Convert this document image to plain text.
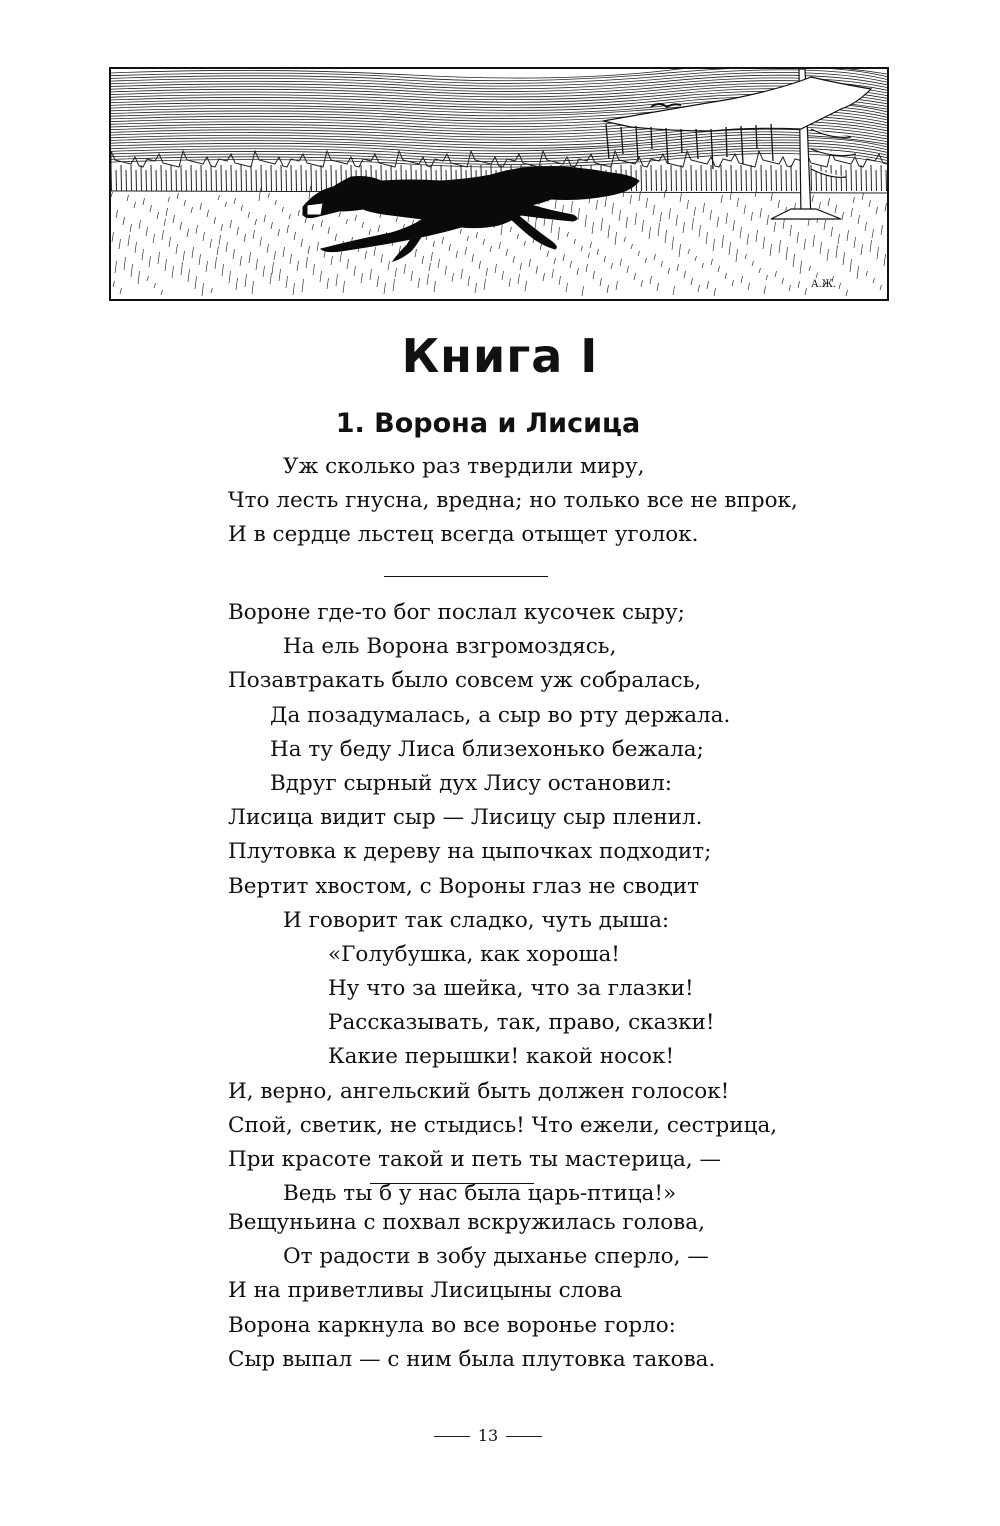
А.Ж.
Книга I
1. Ворона и Лисица
Уж сколько раз твердили миру,
Что лесть гнусна, вредна; но только все не впрок,
И в сердце льстец всегда отыщет уголок.
Вороне где-то бог послал кусочек сыру;
На ель Ворона взгромоздясь,
Позавтракать было совсем уж собралась,
Да позадумалась, а сыр во рту держала.
На ту беду Лиса близехонько бежала;
Вдруг сырный дух Лису остановил:
Лисица видит сыр — Лисицу сыр пленил.
Плутовка к дереву на цыпочках подходит;
Вертит хвостом, с Вороны глаз не сводит
И говорит так сладко, чуть дыша:
«Голубушка, как хороша!
Ну что за шейка, что за глазки!
Рассказывать, так, право, сказки!
Какие перышки! какой носок!
И, верно, ангельский быть должен голосок!
Спой, светик, не стыдись! Что ежели, сестрица,
При красоте такой и петь ты мастерица, —
Ведь ты б у нас была царь-птица!»
Вещуньина с похвал вскружилась голова,
От радости в зобу дыханье сперло, —
И на приветливы Лисицыны слова
Ворона каркнула во все воронье горло:
Сыр выпал — с ним была плутовка такова.
13
